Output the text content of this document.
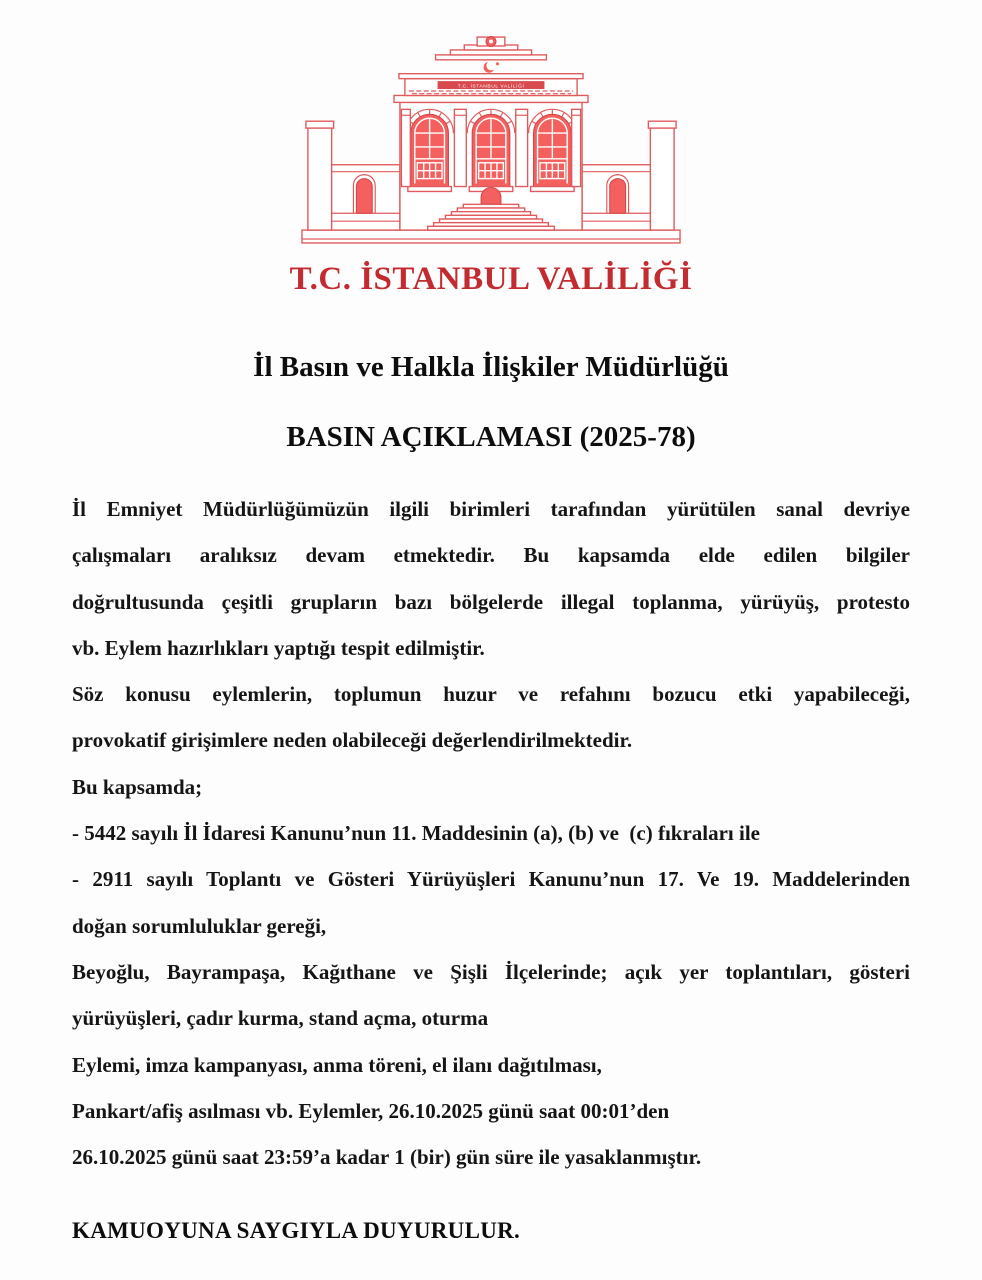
T.C. İSTANBUL VALİLİĞİ
T.C. İSTANBUL VALİLİĞİ
İl Basın ve Halkla İlişkiler Müdürlüğü
BASIN AÇIKLAMASI (2025-78)
İl Emniyet Müdürlüğümüzün ilgili birimleri tarafından yürütülen sanal devriye
çalışmaları aralıksız devam etmektedir. Bu kapsamda elde edilen bilgiler
doğrultusunda çeşitli grupların bazı bölgelerde illegal toplanma, yürüyüş, protesto
vb. Eylem hazırlıkları yaptığı tespit edilmiştir.
Söz konusu eylemlerin, toplumun huzur ve refahını bozucu etki yapabileceği,
provokatif girişimlere neden olabileceği değerlendirilmektedir.
Bu kapsamda;
- 5442 sayılı İl İdaresi Kanunu’nun 11. Maddesinin (a), (b) ve  (c) fıkraları ile
- 2911 sayılı Toplantı ve Gösteri Yürüyüşleri Kanunu’nun 17. Ve 19. Maddelerinden
doğan sorumluluklar gereği,
Beyoğlu, Bayrampaşa, Kağıthane ve Şişli İlçelerinde; açık yer toplantıları, gösteri
yürüyüşleri, çadır kurma, stand açma, oturma
Eylemi, imza kampanyası, anma töreni, el ilanı dağıtılması,
Pankart/afiş asılması vb. Eylemler, 26.10.2025 günü saat 00:01’den
26.10.2025 günü saat 23:59’a kadar 1 (bir) gün süre ile yasaklanmıştır.
KAMUOYUNA SAYGIYLA DUYURULUR.
